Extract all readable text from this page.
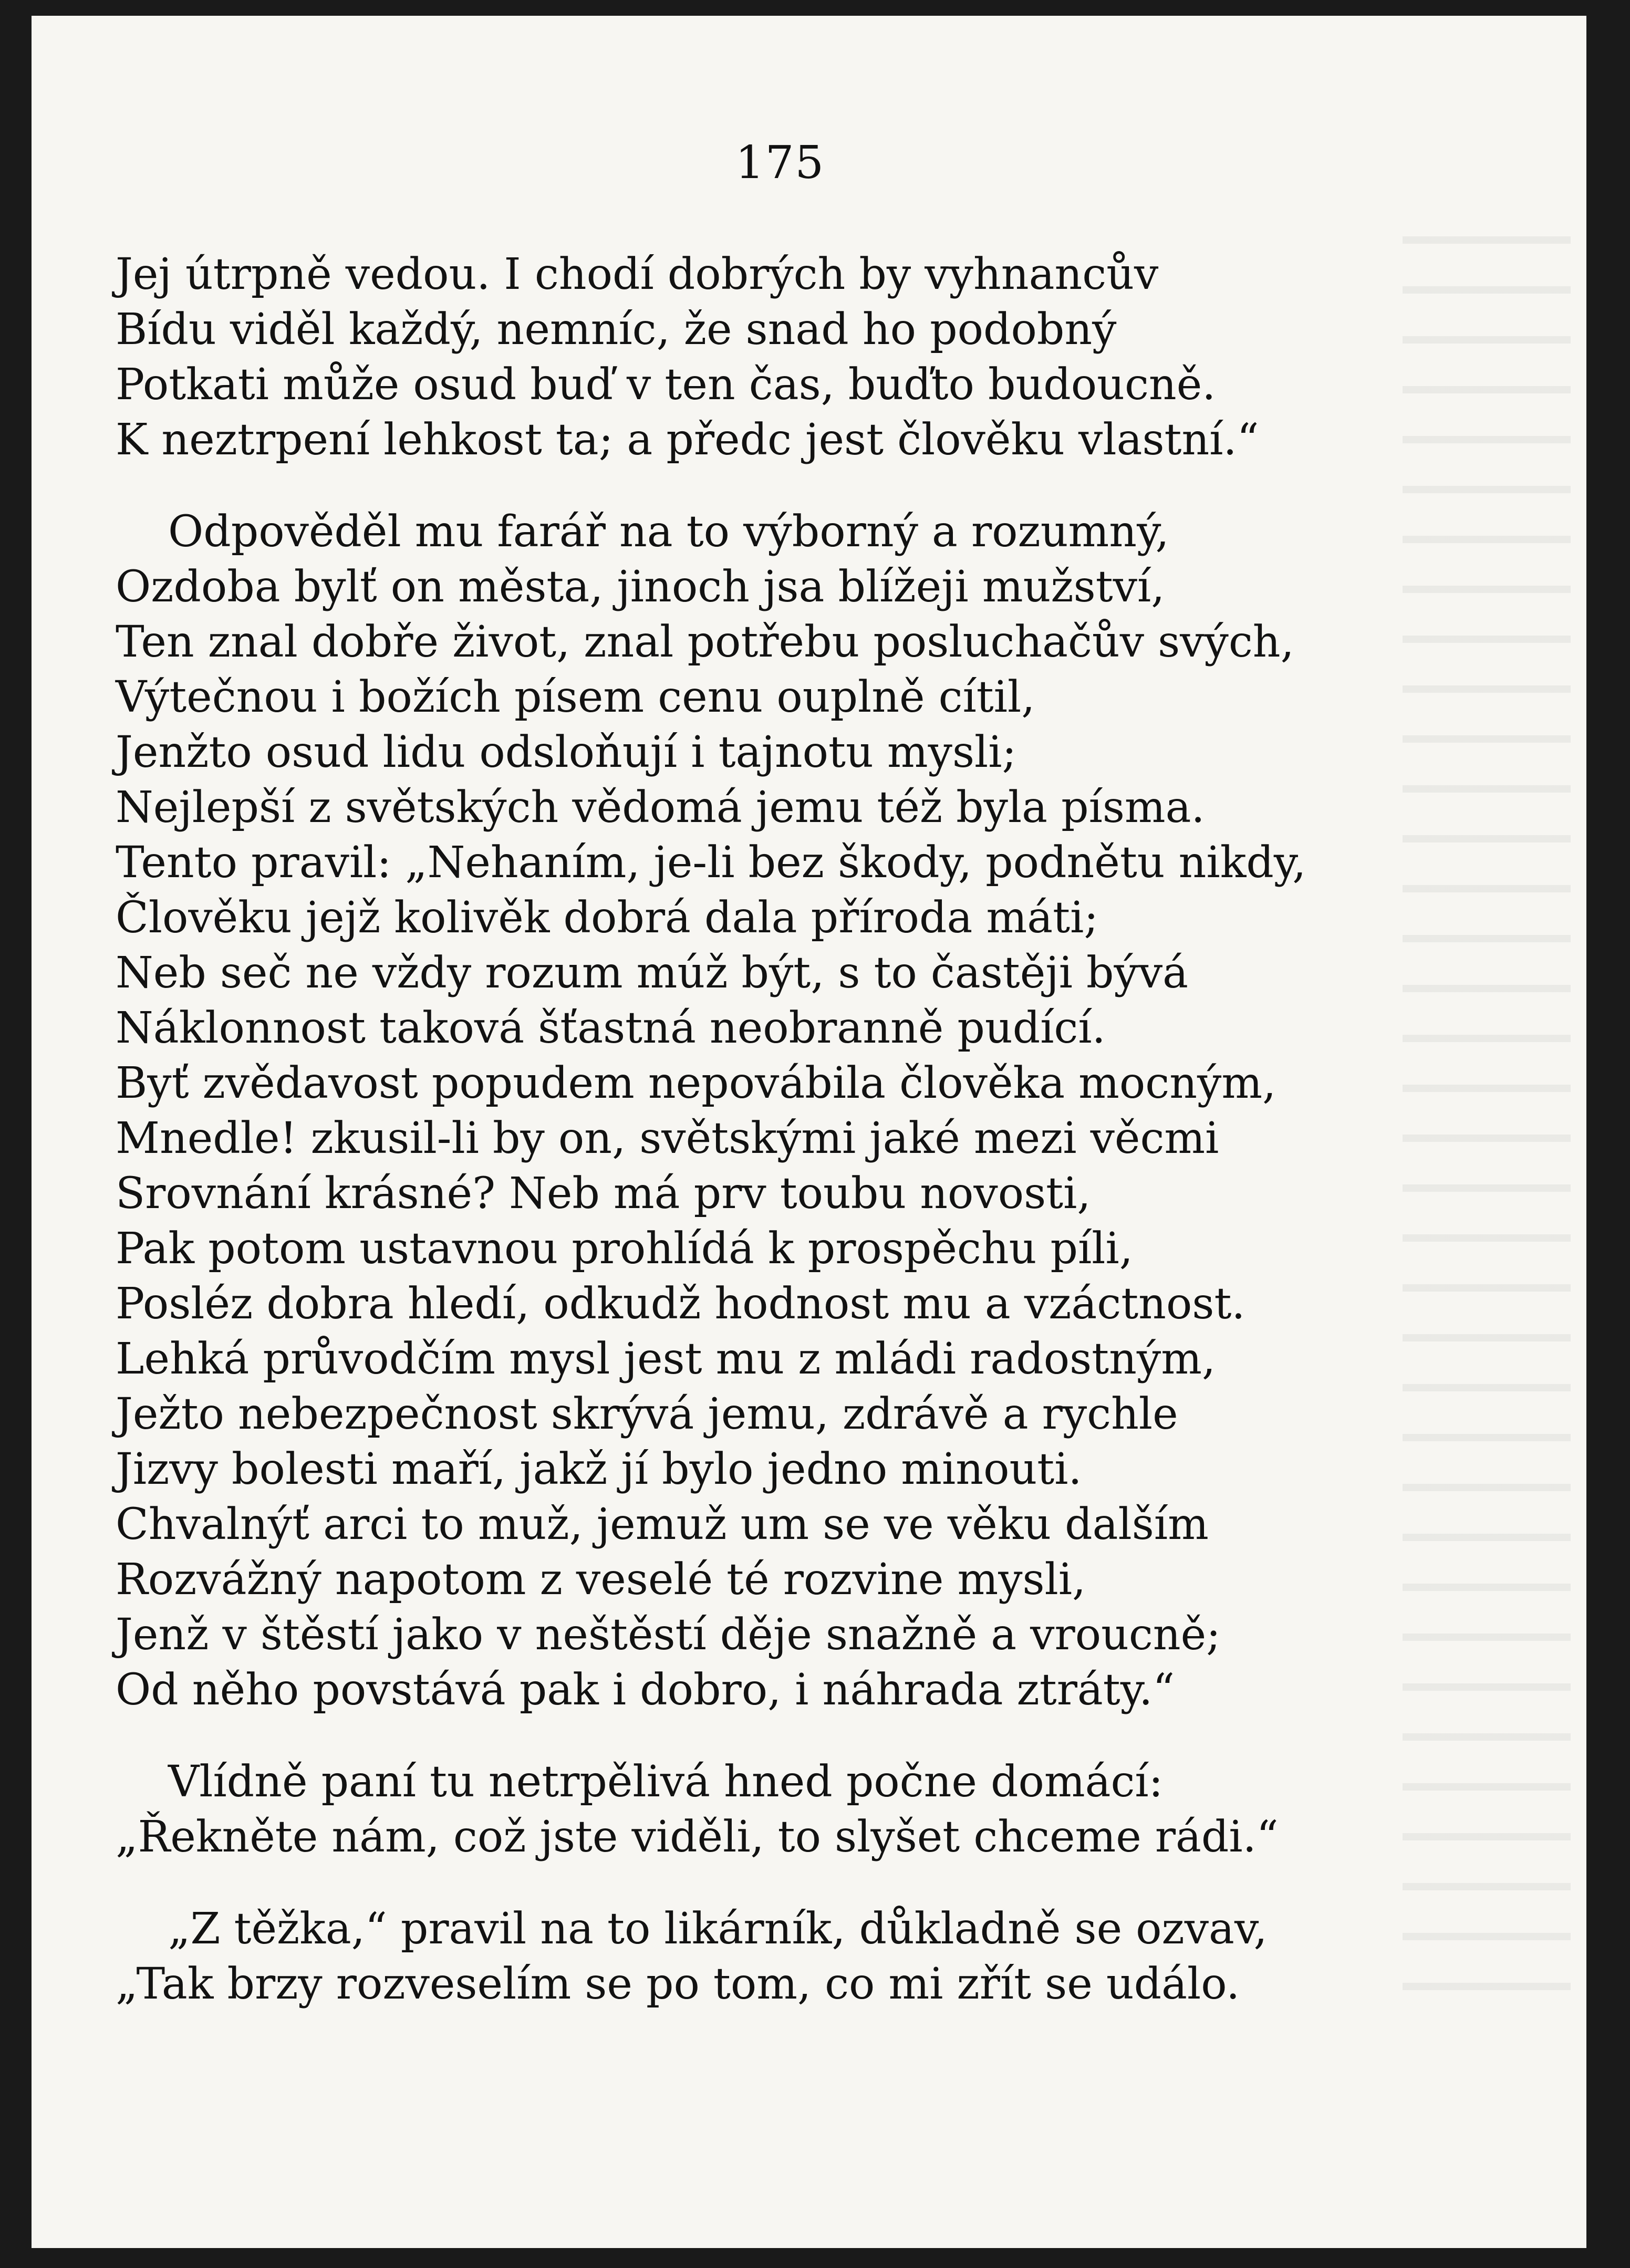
175
Jej útrpně vedou. I chodí dobrých by vyhnancův
Bídu viděl každý, nemníc, že snad ho podobný
Potkati může osud buď v ten čas, buďto budoucně.
K neztrpení lehkost ta; a předc jest člověku vlastní.“
Odpověděl mu farář na to výborný a rozumný,
Ozdoba bylť on města, jinoch jsa blížeji mužství,
Ten znal dobře život, znal potřebu posluchačův svých,
Výtečnou i božích písem cenu ouplně cítil,
Jenžto osud lidu odsloňují i tajnotu mysli;
Nejlepší z světských vědomá jemu též byla písma.
Tento pravil: „Nehaním, je-li bez škody, podnětu nikdy,
Člověku jejž kolivěk dobrá dala příroda máti;
Neb seč ne vždy rozum múž být, s to častěji bývá
Náklonnost taková šťastná neobranně pudící.
Byť zvědavost popudem nepovábila člověka mocným,
Mnedle! zkusil-li by on, světskými jaké mezi věcmi
Srovnání krásné? Neb má prv toubu novosti,
Pak potom ustavnou prohlídá k prospěchu píli,
Posléz dobra hledí, odkudž hodnost mu a vzáctnost.
Lehká průvodčím mysl jest mu z mládi radostným,
Ježto nebezpečnost skrývá jemu, zdrávě a rychle
Jizvy bolesti maří, jakž jí bylo jedno minouti.
Chvalnýť arci to muž, jemuž um se ve věku dalším
Rozvážný napotom z veselé té rozvine mysli,
Jenž v štěstí jako v neštěstí děje snažně a vroucně;
Od něho povstává pak i dobro, i náhrada ztráty.“
Vlídně paní tu netrpělivá hned počne domácí:
„Řekněte nám, což jste viděli, to slyšet chceme rádi.“
„Z těžka,“ pravil na to likárník, důkladně se ozvav,
„Tak brzy rozveselím se po tom, co mi zřít se událo.
